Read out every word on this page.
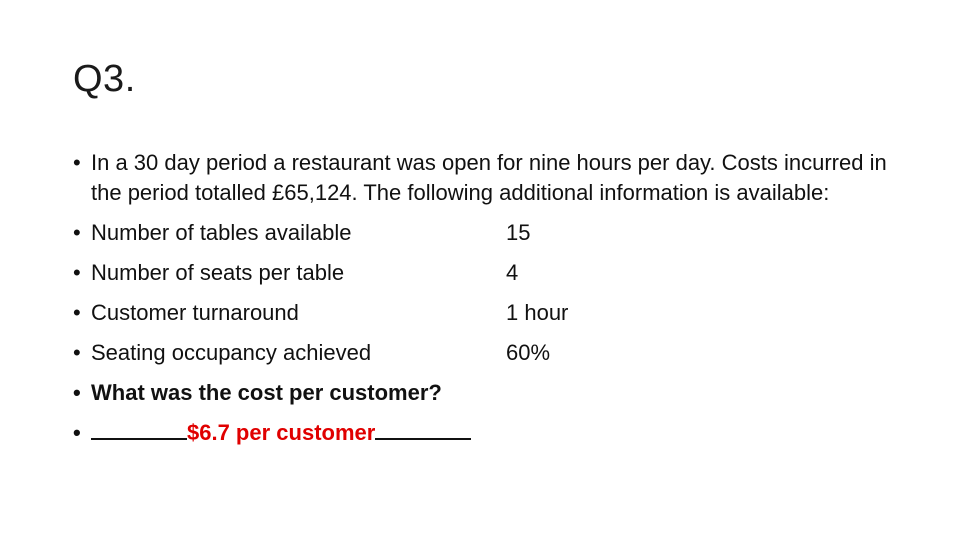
Q3.
• In a 30 day period a restaurant was open for nine hours per day. Costs incurred in the period totalled £65,124. The following additional information is available:
• Number of tables available	15
• Number of seats per table	4
• Customer turnaround	1 hour
• Seating occupancy achieved	60%
• What was the cost per customer?
•	$6.7 per customer
